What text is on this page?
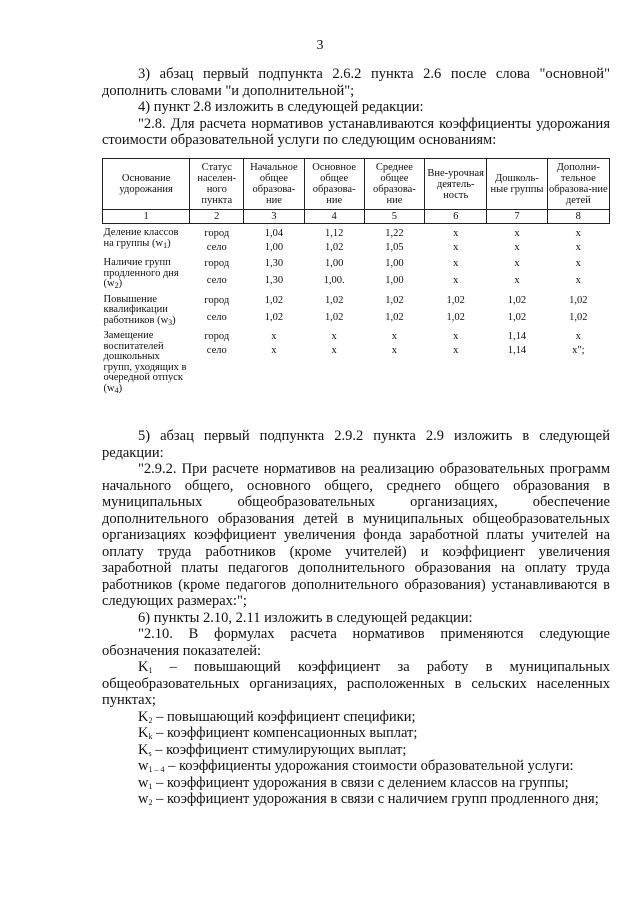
3

3) абзац первый подпункта 2.6.2 пункта 2.6 после слова "основной" дополнить словами "и дополнительной";

4) пункт 2.8 изложить в следующей редакции:

"2.8. Для расчета нормативов устанавливаются коэффициенты удорожания стоимости образовательной услуги по следующим основаниям:

Основание удорожания	Статус населен-ного пункта	Начальное общее образова-ние	Основное общее образова-ние	Среднее общее образова-ние	Вне-урочная деятель-ность	Дошколь-ные группы	Дополни-тельное образова-ние детей
1	2	3	4	5	6	7	8
Деление классов на группы $(w_1)$	город	1,04	1,12	1,22	x	x	x
	село	1,00	1,02	1,05	x	x	x
Наличие групп продленного дня $(w_2)$	город	1,30	1,00	1,00	x	x	x
	село	1,30	1,00.	1,00	x	x	x
Повышение квалификации работников $(w_3)$	город	1,02	1,02	1,02	1,02	1,02	1,02
	село	1,02	1,02	1,02	1,02	1,02	1,02
Замещение воспитателей дошкольных групп, уходящих в очередной отпуск $(w_4)$	город	x	x	x	x	1,14	x
	село	x	x	x	x	1,14	x";

5) абзац первый подпункта 2.9.2 пункта 2.9 изложить в следующей редакции:

"2.9.2. При расчете нормативов на реализацию образовательных программ начального общего, основного общего, среднего общего образования в муниципальных общеобразовательных организациях, обеспечение дополнительного образования детей в муниципальных общеобразовательных организациях коэффициент увеличения фонда заработной платы учителей на оплату труда работников (кроме учителей) и коэффициент увеличения заработной платы педагогов дополнительного образования на оплату труда работников (кроме педагогов дополнительного образования) устанавливаются в следующих размерах:";

6) пункты 2.10, 2.11 изложить в следующей редакции:

"2.10. В формулах расчета нормативов применяются следующие обозначения показателей:

$K_1$ – повышающий коэффициент за работу в муниципальных общеобразовательных организациях, расположенных в сельских населенных пунктах;

$K_2$ – повышающий коэффициент специфики;

$K_k$ – коэффициент компенсационных выплат;

$K_s$ – коэффициент стимулирующих выплат;

$w_{1 - 4}$ – коэффициенты удорожания стоимости образовательной услуги:

$w_1$ – коэффициент удорожания в связи с делением классов на группы;

$w_2$ – коэффициент удорожания в связи с наличием групп продленного дня;
